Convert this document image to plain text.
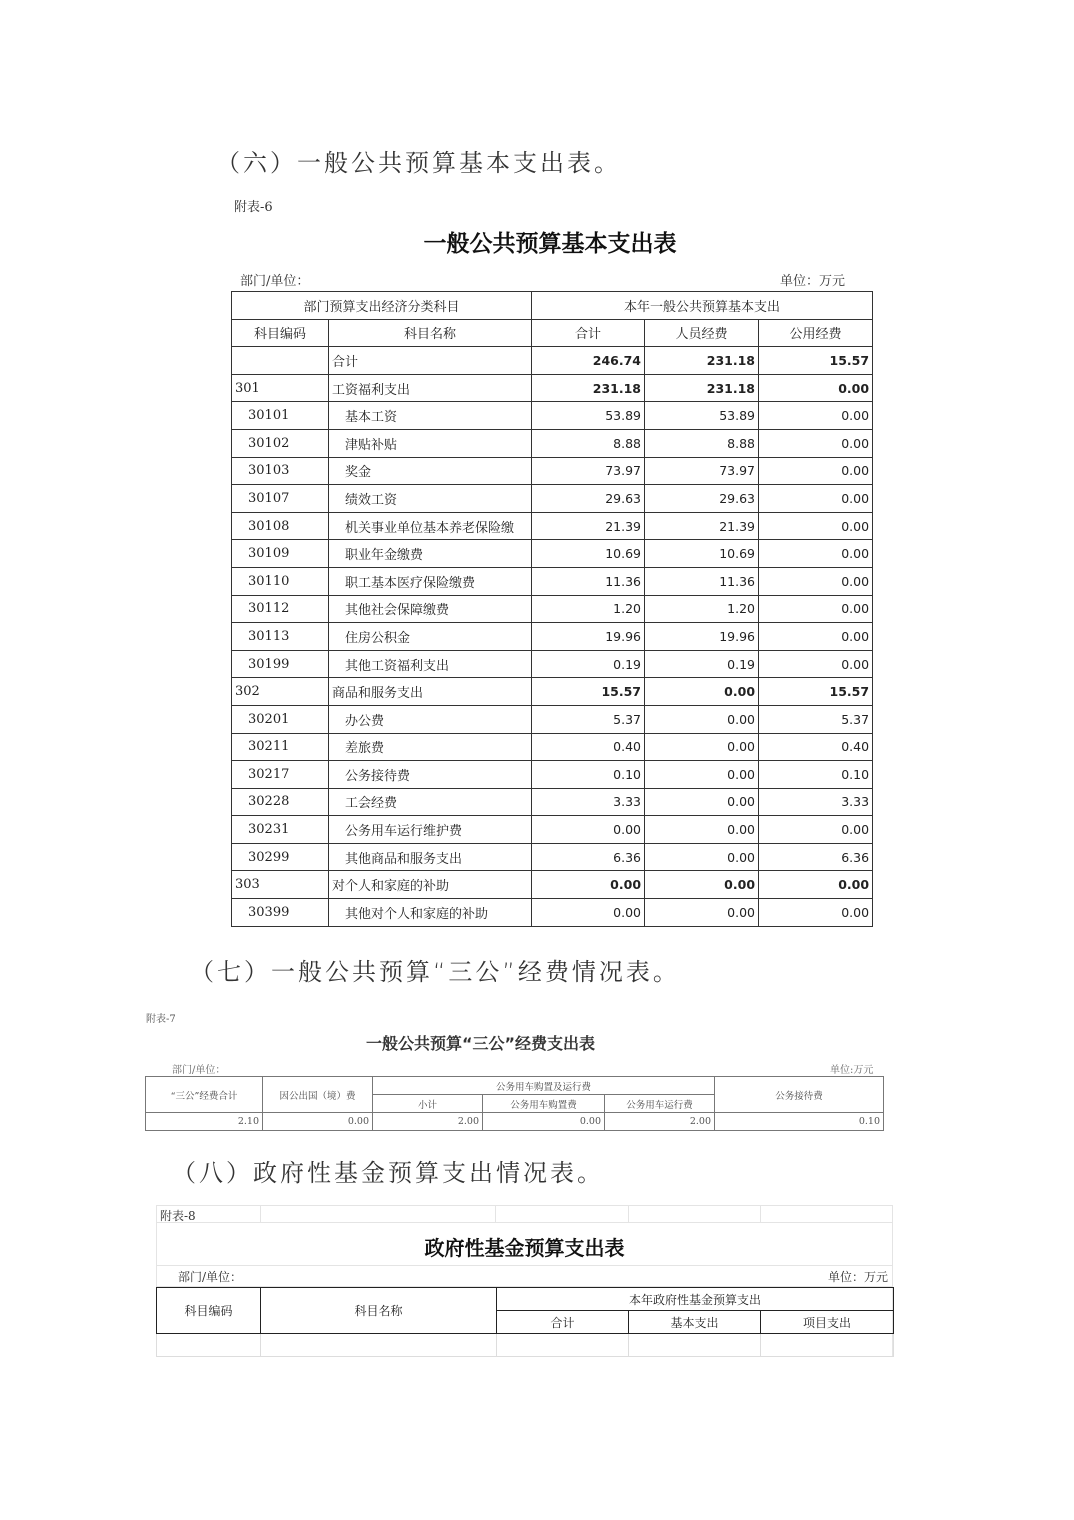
（六）一般公共预算基本支出表。
附表-6
一般公共预算基本支出表
部门/单位：	单位：万元
部门预算支出经济分类科目		本年一般公共预算基本支出		
科目编码	科目名称	合计	人员经费	公用经费
	合计	246.74	231.18	15.57
301	工资福利支出	231.18	231.18	0.00
30101	基本工资	53.89	53.89	0.00
30102	津贴补贴	8.88	8.88	0.00
30103	奖金	73.97	73.97	0.00
30107	绩效工资	29.63	29.63	0.00
30108	机关事业单位基本养老保险缴	21.39	21.39	0.00
30109	职业年金缴费	10.69	10.69	0.00
30110	职工基本医疗保险缴费	11.36	11.36	0.00
30112	其他社会保障缴费	1.20	1.20	0.00
30113	住房公积金	19.96	19.96	0.00
30199	其他工资福利支出	0.19	0.19	0.00
302	商品和服务支出	15.57	0.00	15.57
30201	办公费	5.37	0.00	5.37
30211	差旅费	0.40	0.00	0.40
30217	公务接待费	0.10	0.00	0.10
30228	工会经费	3.33	0.00	3.33
30231	公务用车运行维护费	0.00	0.00	0.00
30299	其他商品和服务支出	6.36	0.00	6.36
303	对个人和家庭的补助	0.00	0.00	0.00
30399	其他对个人和家庭的补助	0.00	0.00	0.00
（七）一般公共预算“三公”经费情况表。
附表-7
一般公共预算“三公”经费支出表
部门/单位：	单位:万元
“三公”经费合计	因公出国（境）费	公务用车购置及运行费			公务接待费
		小计	公务用车购置费	公务用车运行费	
2.10	0.00	2.00	0.00	2.00	0.10
（八）政府性基金预算支出情况表。
附表-8
政府性基金预算支出表
部门/单位：	单位：万元
科目编码	科目名称	本年政府性基金预算支出		
		合计	基本支出	项目支出
